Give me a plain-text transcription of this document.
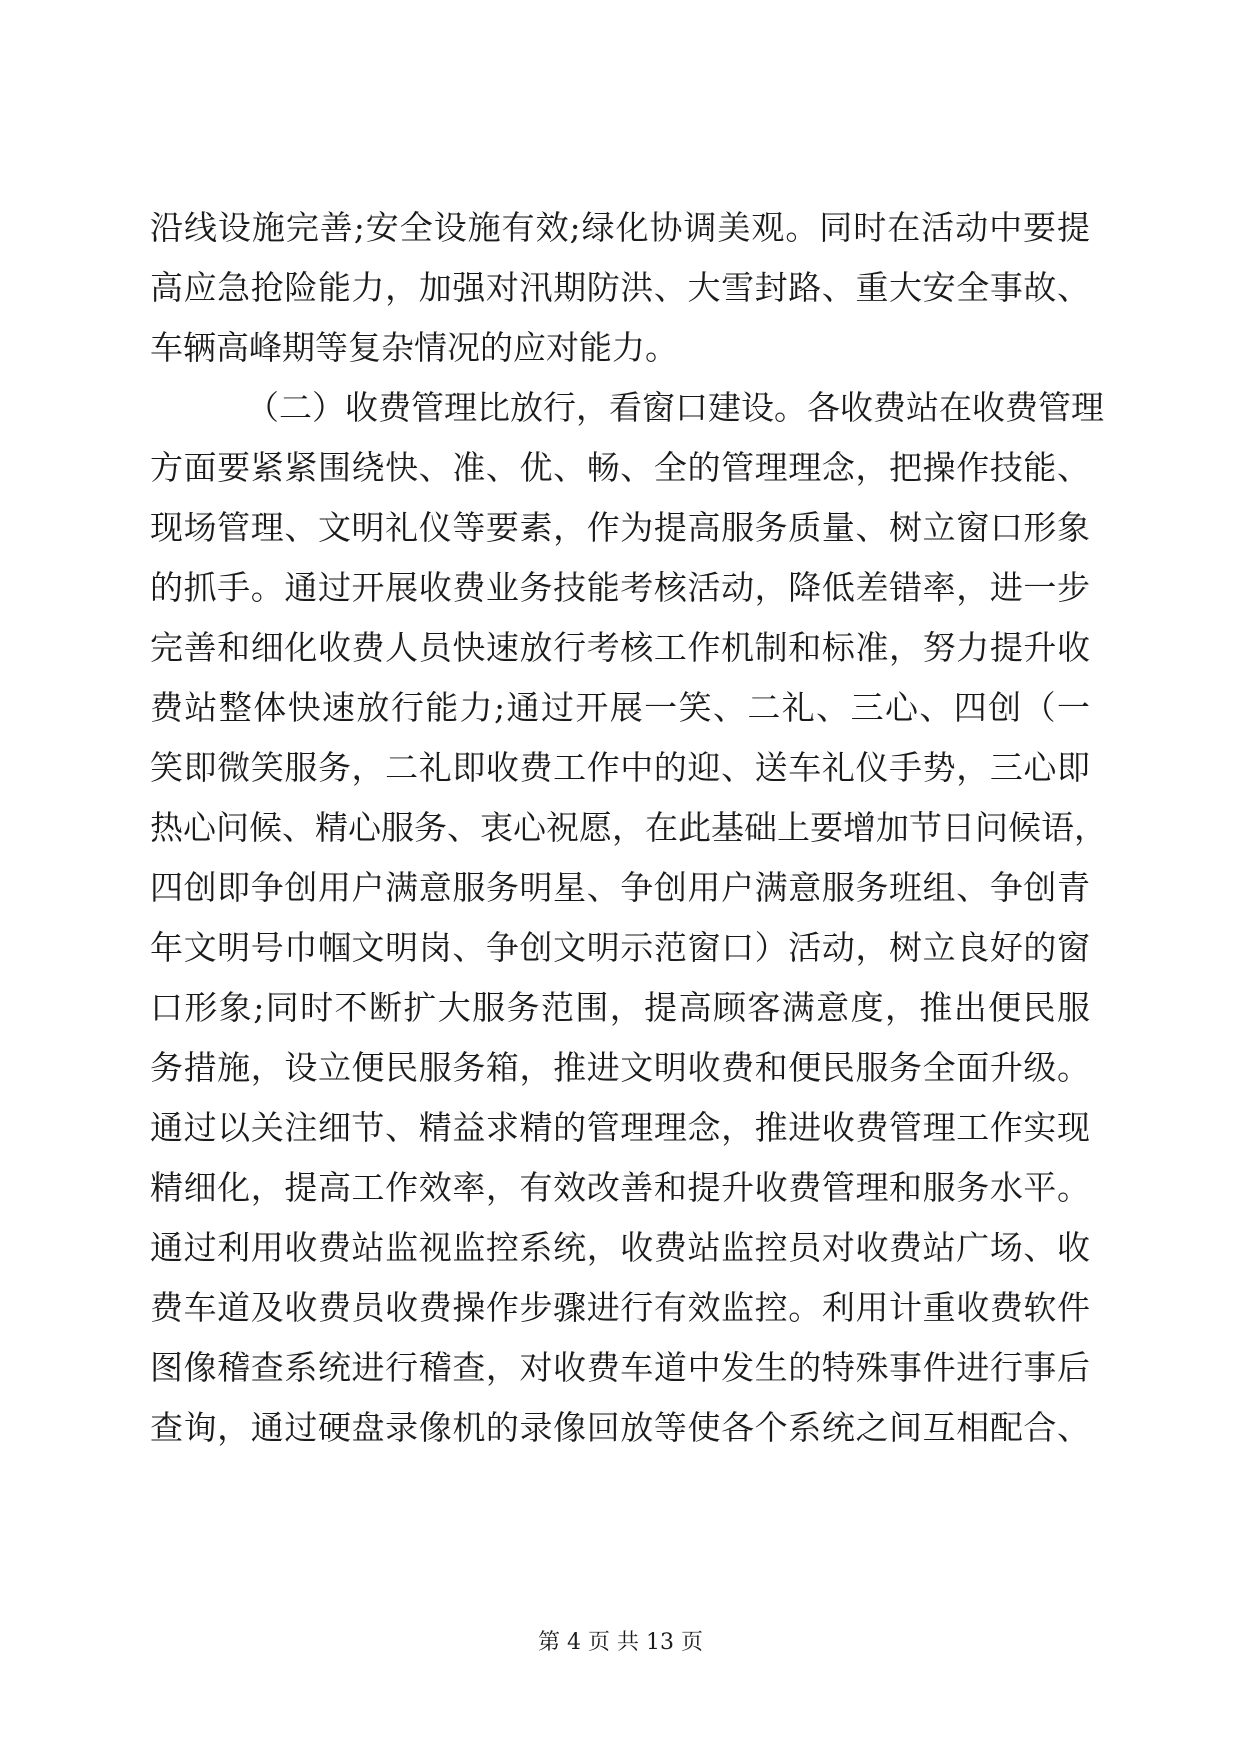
沿线设施完善;安全设施有效;绿化协调美观。同时在活动中要提
高应急抢险能力，加强对汛期防洪、大雪封路、重大安全事故、
车辆高峰期等复杂情况的应对能力。
（二）收费管理比放行，看窗口建设。各收费站在收费管理
方面要紧紧围绕快、准、优、畅、全的管理理念，把操作技能、
现场管理、文明礼仪等要素，作为提高服务质量、树立窗口形象
的抓手。通过开展收费业务技能考核活动，降低差错率，进一步
完善和细化收费人员快速放行考核工作机制和标准，努力提升收
费站整体快速放行能力;通过开展一笑、二礼、三心、四创（一
笑即微笑服务，二礼即收费工作中的迎、送车礼仪手势，三心即
热心问候、精心服务、衷心祝愿，在此基础上要增加节日问候语，
四创即争创用户满意服务明星、争创用户满意服务班组、争创青
年文明号巾帼文明岗、争创文明示范窗口）活动，树立良好的窗
口形象;同时不断扩大服务范围，提高顾客满意度，推出便民服
务措施，设立便民服务箱，推进文明收费和便民服务全面升级。
通过以关注细节、精益求精的管理理念，推进收费管理工作实现
精细化，提高工作效率，有效改善和提升收费管理和服务水平。
通过利用收费站监视监控系统，收费站监控员对收费站广场、收
费车道及收费员收费操作步骤进行有效监控。利用计重收费软件
图像稽查系统进行稽查，对收费车道中发生的特殊事件进行事后
查询，通过硬盘录像机的录像回放等使各个系统之间互相配合、
第 4 页 共 13 页
